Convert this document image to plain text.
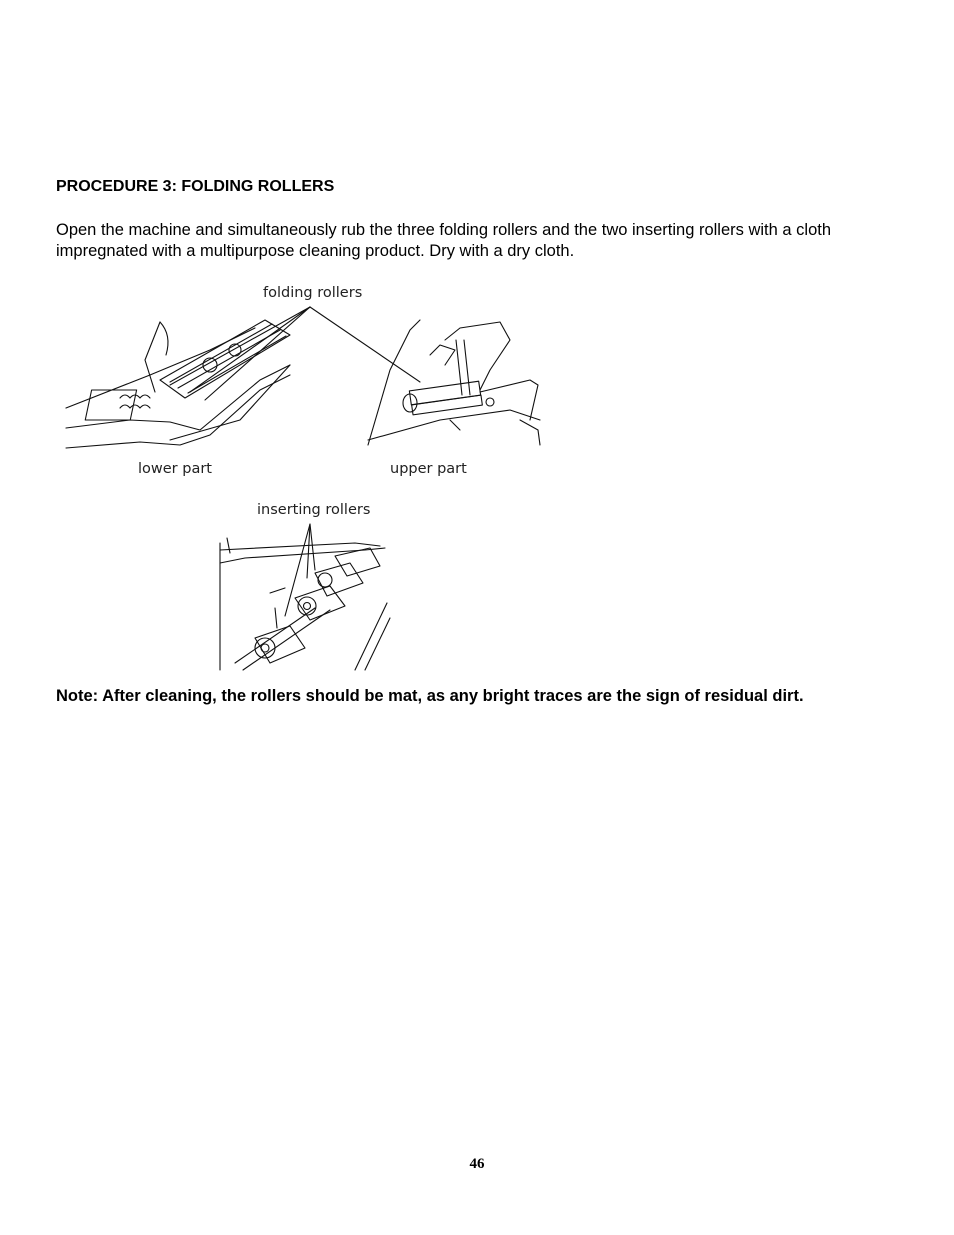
PROCEDURE 3: FOLDING ROLLERS

Open the machine and simultaneously rub the three folding rollers and the two inserting rollers with a cloth impregnated with a multipurpose cleaning product. Dry with a dry cloth.

folding rollers
lower part	upper part
inserting rollers

Note: After cleaning, the rollers should be mat, as any bright traces are the sign of residual dirt.

46
